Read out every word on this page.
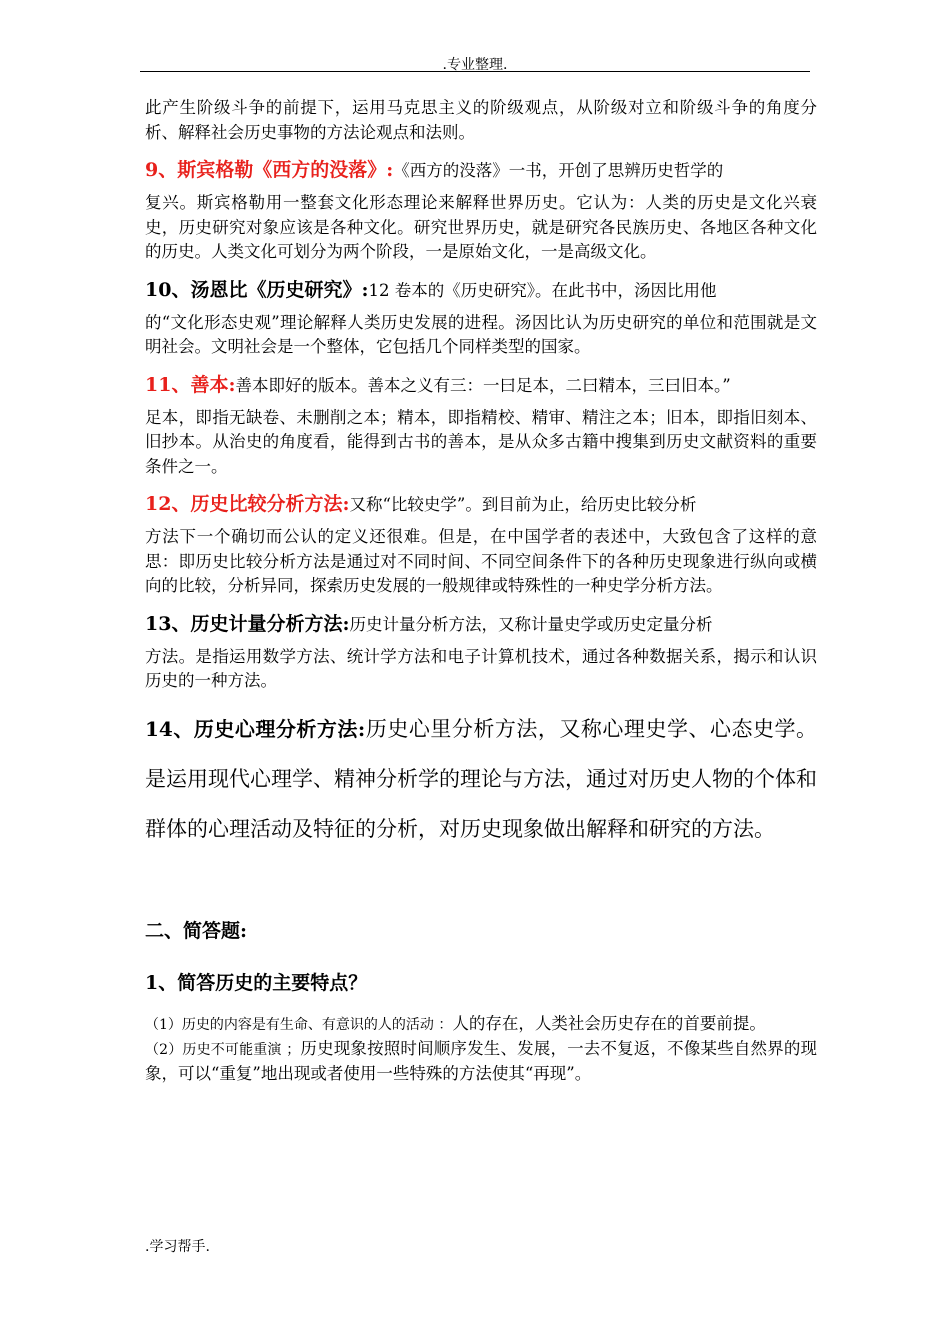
.专业整理.

此产生阶级斗争的前提下，运用马克思主义的阶级观点，从阶级对立和阶级斗争的角度分析、解释社会历史事物的方法论观点和法则。

9、斯宾格勒《西方的没落》:《西方的没落》一书，开创了思辨历史哲学的

复兴。斯宾格勒用一整套文化形态理论来解释世界历史。它认为：人类的历史是文化兴衰史，历史研究对象应该是各种文化。研究世界历史，就是研究各民族历史、各地区各种文化的历史。人类文化可划分为两个阶段，一是原始文化，一是高级文化。

10、汤恩比《历史研究》:12 卷本的《历史研究》。在此书中，汤因比用他

的“文化形态史观”理论解释人类历史发展的进程。汤因比认为历史研究的单位和范围就是文明社会。文明社会是一个整体，它包括几个同样类型的国家。

11、善本:善本即好的版本。善本之义有三：一曰足本，二曰精本，三曰旧本。”

足本，即指无缺卷、未删削之本；精本，即指精校、精审、精注之本；旧本，即指旧刻本、旧抄本。从治史的角度看，能得到古书的善本，是从众多古籍中搜集到历史文献资料的重要条件之一。

12、历史比较分析方法:又称“比较史学”。到目前为止，给历史比较分析

方法下一个确切而公认的定义还很难。但是，在中国学者的表述中，大致包含了这样的意思：即历史比较分析方法是通过对不同时间、不同空间条件下的各种历史现象进行纵向或横向的比较，分析异同，探索历史发展的一般规律或特殊性的一种史学分析方法。

13、历史计量分析方法:历史计量分析方法，又称计量史学或历史定量分析

方法。是指运用数学方法、统计学方法和电子计算机技术，通过各种数据关系，揭示和认识历史的一种方法。

14、历史心理分析方法:历史心里分析方法，又称心理史学、心态史学。是运用现代心理学、精神分析学的理论与方法，通过对历史人物的个体和群体的心理活动及特征的分析，对历史现象做出解释和研究的方法。

二、简答题:

1、简答历史的主要特点？

（1）历史的内容是有生命、有意识的人的活动 ：人的存在，人类社会历史存在的首要前提。

（2）历史不可能重演 ；历史现象按照时间顺序发生、发展，一去不复返，不像某些自然界的现象，可以“重复”地出现或者使用一些特殊的方法使其“再现”。

.学习帮手.
